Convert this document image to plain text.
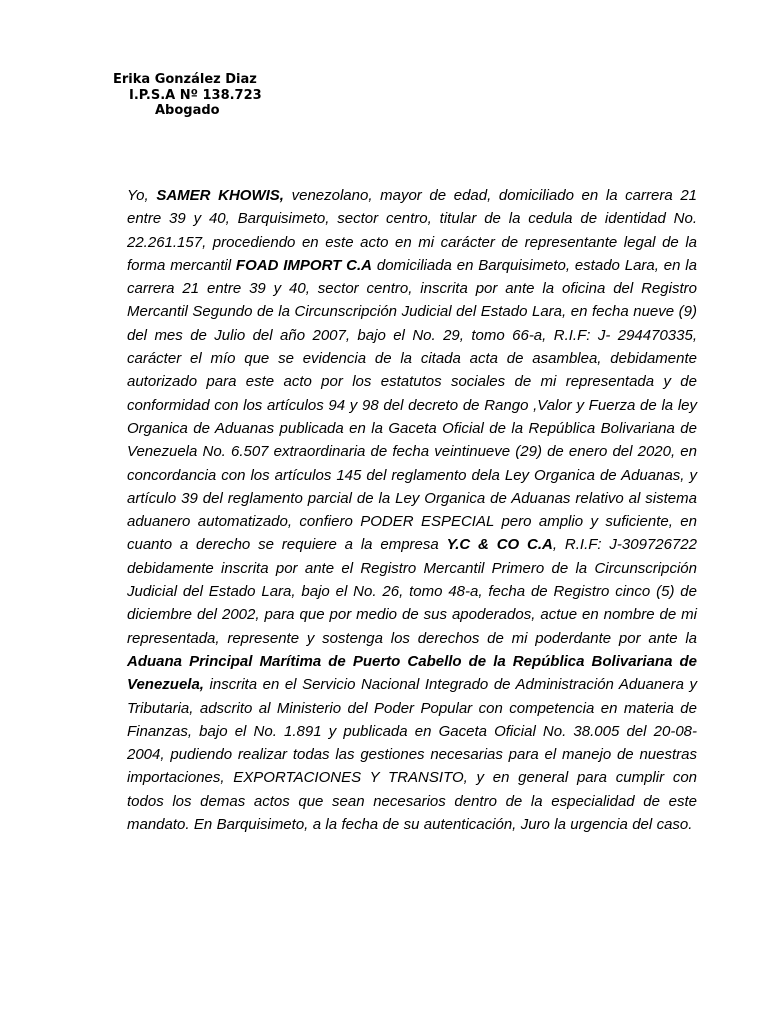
Erika González Diaz
I.P.S.A Nº 138.723
Abogado
Yo, SAMER KHOWIS, venezolano, mayor de edad, domiciliado en la carrera 21 entre 39 y 40, Barquisimeto, sector centro, titular de la cedula de identidad No. 22.261.157, procediendo en este acto en mi carácter de representante legal de la forma mercantil FOAD IMPORT C.A domiciliada en Barquisimeto, estado Lara, en la carrera 21 entre 39 y 40, sector centro, inscrita por ante la oficina del Registro Mercantil Segundo de la Circunscripción Judicial del Estado Lara, en fecha nueve (9) del mes de Julio del año 2007, bajo el No. 29, tomo 66-a, R.I.F: J- 294470335, carácter el mío que se evidencia de la citada acta de asamblea, debidamente autorizado para este acto por los estatutos sociales de mi representada y de conformidad con los artículos 94 y 98 del decreto de Rango ,Valor y Fuerza de la ley Organica de Aduanas publicada en la Gaceta Oficial de la República Bolivariana de Venezuela No. 6.507 extraordinaria de fecha veintinueve (29) de enero del 2020, en concordancia con los artículos 145 del reglamento dela Ley Organica de Aduanas, y artículo 39 del reglamento parcial de la Ley Organica de Aduanas relativo al sistema aduanero automatizado, confiero PODER ESPECIAL pero amplio y suficiente, en cuanto a derecho se requiere a la empresa Y.C & CO C.A, R.I.F: J-309726722 debidamente inscrita por ante el Registro Mercantil Primero de la Circunscripción Judicial del Estado Lara, bajo el No. 26, tomo 48-a, fecha de Registro cinco (5) de diciembre del 2002, para que por medio de sus apoderados, actue en nombre de mi representada, represente y sostenga los derechos de mi poderdante por ante la Aduana Principal Marítima de Puerto Cabello de la República Bolivariana de Venezuela, inscrita en el Servicio Nacional Integrado de Administración Aduanera y Tributaria, adscrito al Ministerio del Poder Popular con competencia en materia de Finanzas, bajo el No. 1.891 y publicada en Gaceta Oficial No. 38.005 del 20-08-2004, pudiendo realizar todas las gestiones necesarias para el manejo de nuestras importaciones, EXPORTACIONES Y TRANSITO, y en general para cumplir con todos los demas actos que sean necesarios dentro de la especialidad de este mandato. En Barquisimeto, a la fecha de su autenticación, Juro la urgencia del caso.
